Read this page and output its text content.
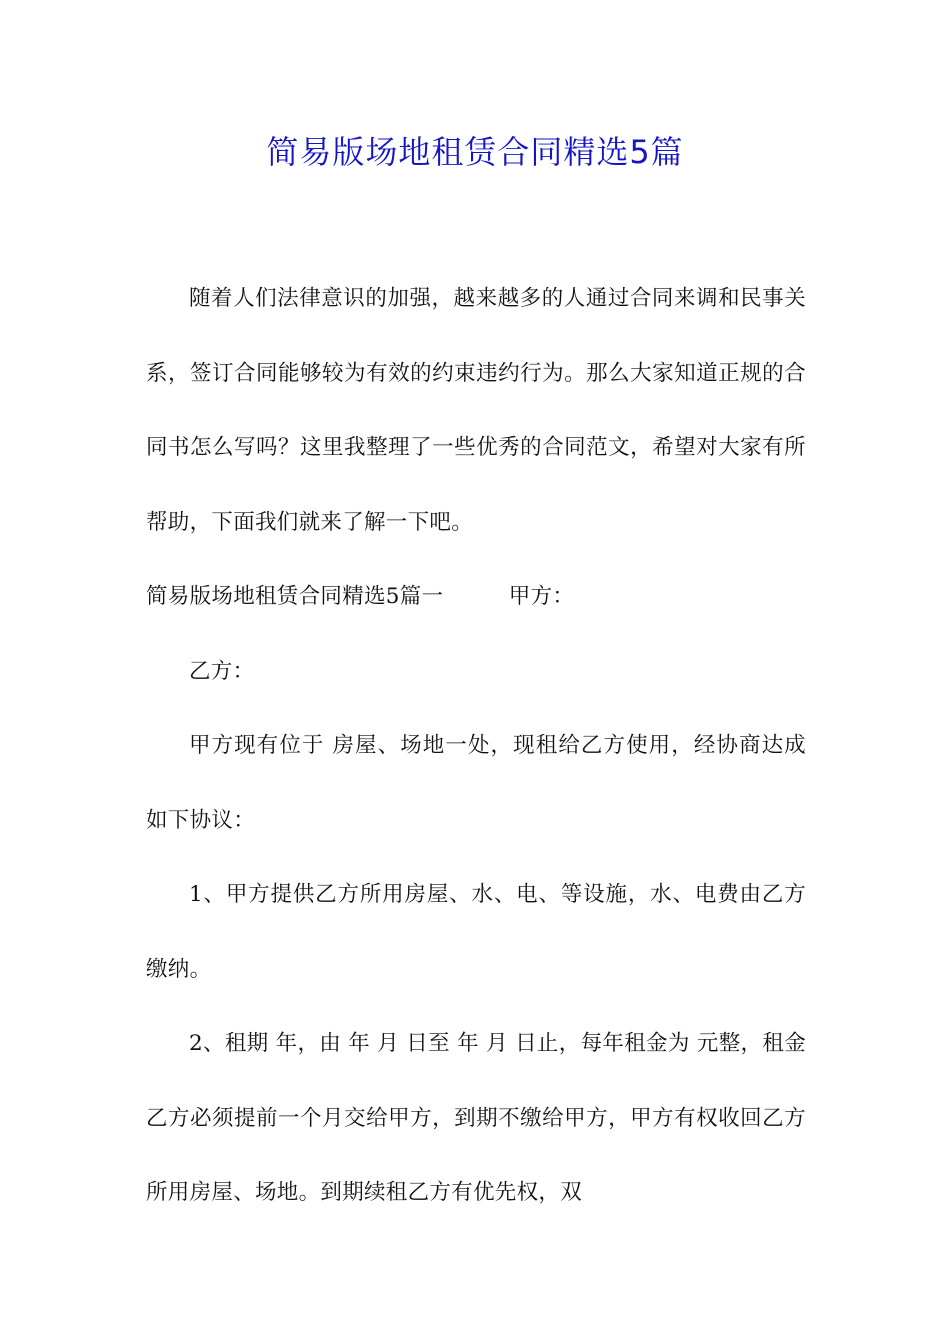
简易版场地租赁合同精选5篇

随着人们法律意识的加强，越来越多的人通过合同来调和民事关系，签订合同能够较为有效的约束违约行为。那么大家知道正规的合同书怎么写吗？这里我整理了一些优秀的合同范文，希望对大家有所帮助，下面我们就来了解一下吧。

简易版场地租赁合同精选5篇一　　　甲方：

乙方：

甲方现有位于 房屋、场地一处，现租给乙方使用，经协商达成如下协议：

1、甲方提供乙方所用房屋、水、电、等设施，水、电费由乙方缴纳。

2、租期 年，由 年 月 日至 年 月 日止，每年租金为 元整，租金乙方必须提前一个月交给甲方，到期不缴给甲方，甲方有权收回乙方所用房屋、场地。到期续租乙方有优先权，双
